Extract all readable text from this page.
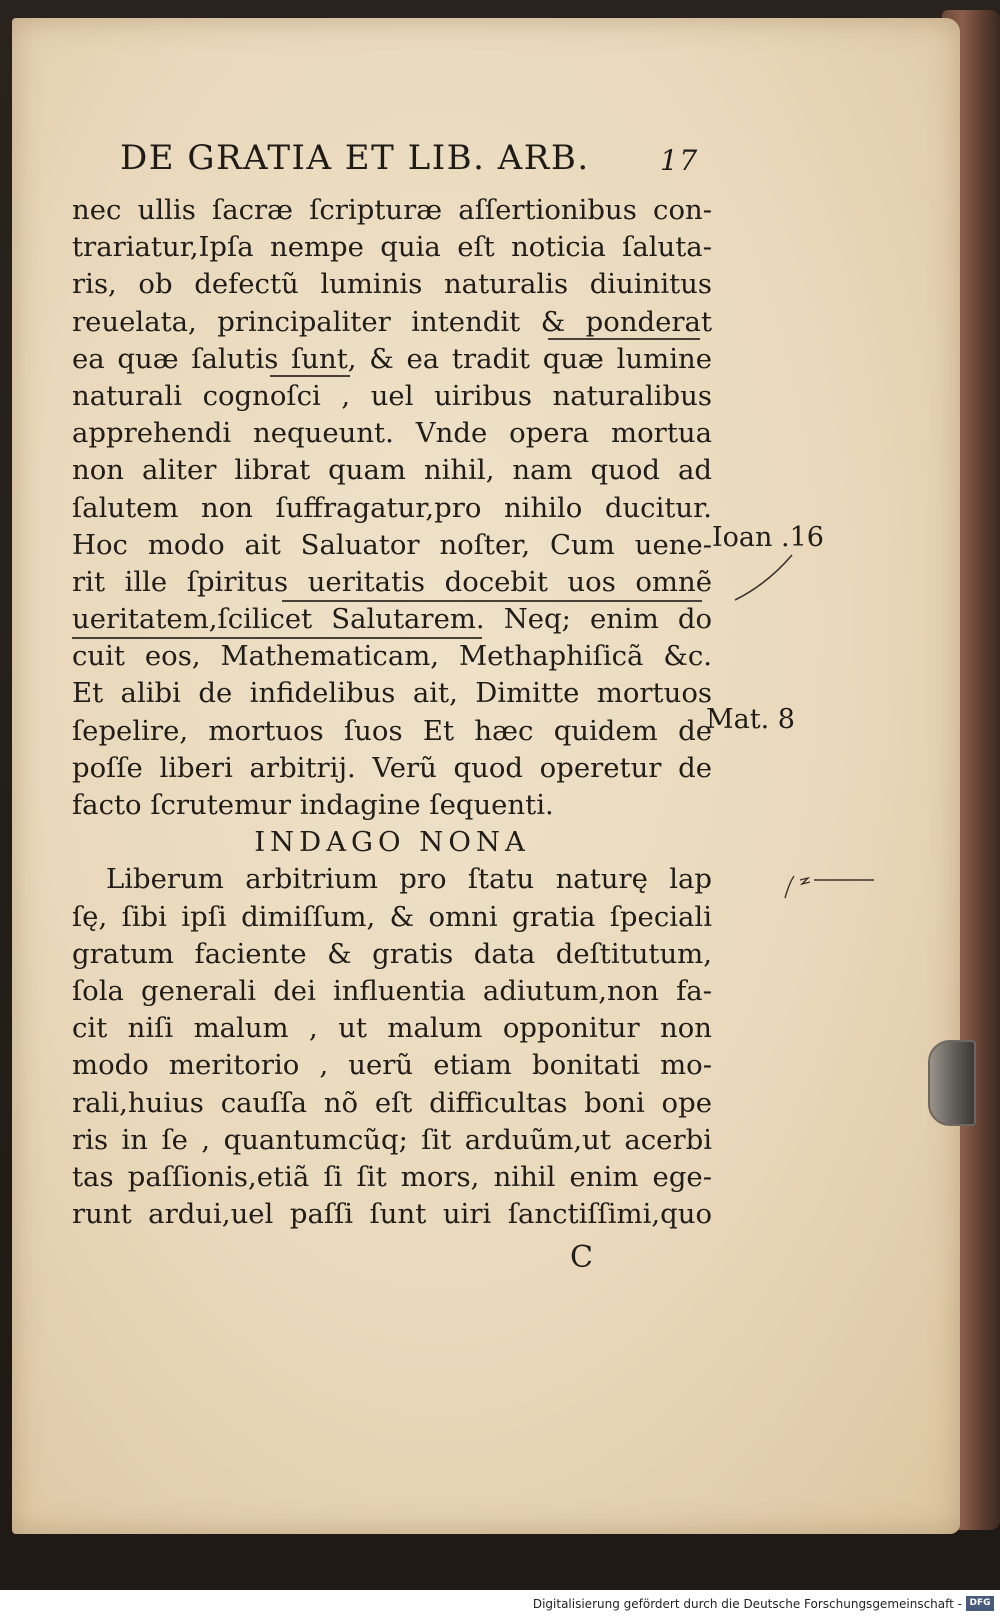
DE GRATIA ET LIB. ARB.	17
nec ullis ſacræ ſcripturæ aſſertionibus con-
trariatur,Ipſa nempe quia eſt noticia ſaluta-
ris, ob defectũ luminis naturalis diuinitus
reuelata, principaliter intendit & ponderat
ea quæ ſalutis ſunt, & ea tradit quæ lumine
naturali cognoſci , uel uiribus naturalibus
apprehendi nequeunt. Vnde opera mortua
non aliter librat quam nihil, nam quod ad
ſalutem non ſuffragatur,pro nihilo ducitur.
Hoc modo ait Saluator noſter, Cum uene-
rit ille ſpiritus ueritatis docebit uos omnẽ
ueritatem,ſcilicet Salutarem. Neq; enim do
cuit eos, Mathematicam, Methaphiſicã &c.
Et alibi de infidelibus ait, Dimitte mortuos
ſepelire, mortuos ſuos Et hæc quidem de
poſſe liberi arbitrij. Verũ quod operetur de
facto ſcrutemur indagine ſequenti.
INDAGO NONA
Liberum arbitrium pro ſtatu naturę lap
ſę, ſibi ipſi dimiſſum, & omni gratia ſpeciali
gratum faciente & gratis data deſtitutum,
ſola generali dei influentia adiutum,non fa-
cit niſi malum , ut malum opponitur non
modo meritorio , uerũ etiam bonitati mo-
rali,huius cauſſa nõ eſt difficultas boni ope
ris in ſe , quantumcũq; ſit arduũm,ut acerbi
tas paſſionis,etiã ſi ſit mors, nihil enim ege-
runt ardui,uel paſſi ſunt uiri ſanctiſſimi,quo
C
Ioan .16
Mat. 8
Digitalisierung gefördert durch die Deutsche Forschungsgemeinschaft - DFG
